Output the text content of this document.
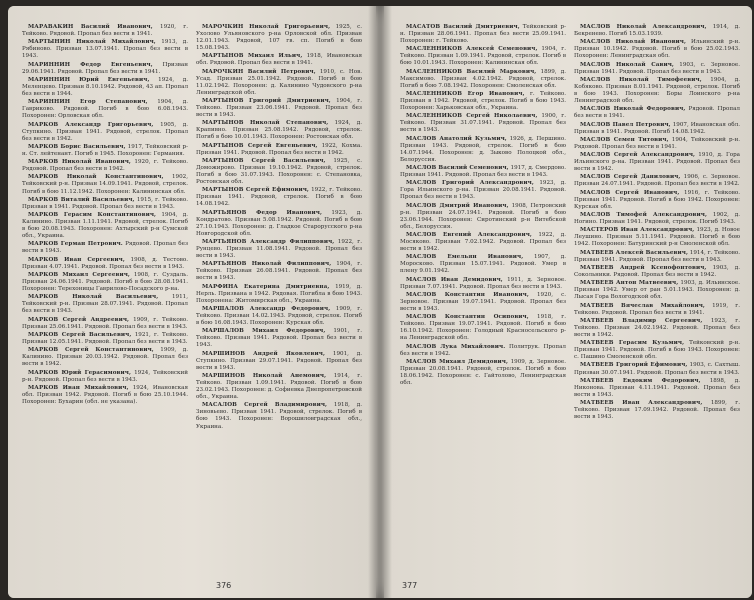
МАРАВАКИН Василий Иванович, 1920, г. Тейково. Рядовой. Пропал без вести в 1941.

МАРТЫНИН Николай Михайлович, 1913, д. Рябиново. Призван 13.07.1941. Пропал без вести в 1943.

МАРИННИН Федор Евгеньевич, Призван 29.06.1941. Рядовой. Пропал без вести в 1941.

МАРИННИН Юрий Евгеньевич, 1924, д. Меленцево. Призван 8.10.1942. Рядовой, 43 ап. Пропал без вести в 1944.

МАРИННИН Егор Степанович, 1904, д. Гавриково. Рядовой. Погиб в бою 6.08.1943. Похоронен: Орловская обл.

МАРКОВ Александр Григорьевич, 1905, д. Ступкино. Призван 1941. Рядовой, стрелок. Пропал без вести в 1942.

МАРКОВ Борис Васильевич, 1917, Тейковский р-н. Ст. лейтенант. Погиб в 1945. Похоронен: Германия.

МАРКОВ Николай Иванович, 1920, г. Тейково. Рядовой. Пропал без вести в 1942.

МАРКОВ Николай Константинович, 1902, Тейковский р-н. Призван 14.09.1941. Рядовой, стрелок. Погиб в бою 11.12.1942. Похоронен: Калининская обл.

МАРКОВ Виталий Васильевич, 1915, г. Тейково. Призван в 1941. Рядовой. Пропал без вести в 1943.

МАРКОВ Герасим Константинович, 1904, д. Калинино. Призван 1.11.1941. Рядовой, стрелок. Погиб в бою 20.08.1943. Похоронен: Ахтырский р-н Сумской обл., Украина.

МАРКОВ Герман Петрович. Рядовой. Пропал без вести в 1943.

МАРКОВ Иван Сергеевич, 1908, д. Тестово. Призван 4.07.1941. Рядовой. Пропал без вести в 1943.

МАРКОВ Михаил Сергеевич, 1908, г. Суздаль. Призван 24.06.1941. Рядовой. Погиб в бою 28.08.1941. Похоронен: Терехоницы Гаврилово-Посадского р-на.

МАРКОВ Николай Васильевич, 1911, Тейковский р-н. Призван 28.07.1941. Рядовой. Пропал без вести в 1943.

МАРКОВ Сергей Андреевич, 1909, г. Тейково. Призван 25.06.1941. Рядовой. Пропал без вести в 1943.

МАРКОВ Сергей Васильевич, 1921, г. Тейково. Призван 12.05.1941. Рядовой. Пропал без вести в 1943.

МАРКОВ Сергей Константинович, 1909, д. Калинино. Призван 20.03.1942. Рядовой. Пропал без вести в 1942.

МАРКОВ Юрий Герасимович, 1924, Тейковский р-н. Рядовой. Пропал без вести в 1943.

МАРКОВ Иван Михайлович, 1924, Ивановская обл. Призван 1942. Рядовой. Погиб в бою 25.10.1944. Похоронен: Бухарин (обл. не указана).

МАРОЧКИН Николай Григорьевич, 1925, с. Ухолово Ульяновского р-на Орловской обл. Призван 12.01.1943. Рядовой, 107 гв. сп. Погиб в бою 15.08.1943.

МАРТЫНОВ Михаил Ильич, 1918, Ивановская обл. Рядовой. Пропал без вести в 1941.

МАРОЧКИН Василий Петрович, 1910, с. Нов. Усад. Призван 25.01.1942. Рядовой. Погиб в бою 11.02.1942. Похоронен: д. Калинино Чудовского р-на Ленинградской обл.

МАРТЫНОВ Григорий Дмитриевич, 1904, г. Тейково. Призван 23.06.1941. Рядовой. Пропал без вести в 1943.

МАРТЫНОВ Николай Степанович, 1924, д. Крапивно. Призван 25.08.1942. Рядовой, стрелок. Погиб в бою 10.01.1943. Похоронен: Ростовская обл.

МАРТЫНОВ Сергей Евгеньевич, 1922, Кохма. Призван 1941. Рядовой. Пропал без вести в 1942.

МАРТЫНОВ Сергей Васильевич, 1925, с. Доможирово. Призван 19.10.1942. Рядовой, стрелок. Погиб в бою 31.07.1943. Похоронен: с. Степановка, Ростовская обл.

МАРТЫНОВ Сергей Ефимович, 1922, г. Тейково. Призван 1941. Рядовой, стрелок. Погиб в бою 14.08.1942.

МАРТЬЯНОВ Федор Иванович, 1923, д. Кондратово. Призван 5.08.1942. Рядовой. Погиб в бою 27.10.1943. Похоронен: д. Гладкое Старорусского р-на Новгородской обл.

МАРТЬЯНОВ Александр Филиппович, 1922, г. Рунцево. Призван 11.08.1941. Рядовой. Пропал без вести в 1943.

МАРТЬЯНОВ Николай Филиппович, 1904, г. Тейково. Призван 26.08.1941. Рядовой. Пропал без вести в 1943.

МАРФИНА Екатерина Дмитриевна, 1919, д. Нерль. Призвана в 1942. Рядовая. Погибла в бою 1943. Похоронена: Житомирская обл., Украина.

МАРШАЛОВ Александр Федорович, 1909, г. Тейково. Призван 14.02.1943. Рядовой, стрелок. Погиб в бою 16.08.1943. Похоронен: Курская обл.

МАРШАЛОВ Михаил Федорович, 1901, г. Тейково. Призван 1941. Рядовой. Пропал без вести в 1943.

МАРШИНОВ Андрей Яковлевич, 1901, д. Ступкино. Призван 29.07.1941. Рядовой. Пропал без вести в 1943.

МАРШИНОВ Николай Анемович, 1914, г. Тейково. Призван 1.09.1941. Рядовой. Погиб в бою 23.02.1943. Похоронен: д. Софиевка Днепропетровской обл., Украина.

МАСАЛОВ Сергей Владимирович, 1918, д. Зиновьево. Призван 1941. Рядовой, стрелок. Погиб в бою 1943. Похоронен: Ворошиловградская обл., Украина.

376

МАСАТОВ Василий Дмитриевич, Тейковский р-н. Призван 28.06.1941. Пропал без вести 25.09.1941. Похоронен: г. Тейково.

МАСЛЕННИКОВ Алексей Семенович, 1904, г. Тейково. Призван 1.09.1941. Рядовой, стрелок. Погиб в бою 10.01.1943. Похоронен: Калининская обл.

МАСЛЕННИКОВ Василий Маркович, 1899, д. Максимово. Призван 4.02.1942. Рядовой, стрелок. Погиб в бою 7.08.1942. Похоронен: Смоленская обл.

МАСЛЕННИКОВ Егор Иванович, г. Тейково. Призван в 1942. Рядовой, стрелок. Погиб в бою 1943. Похоронен: Харьковская обл., Украина.

МАСЛЕННИКОВ Сергей Николаевич, 1900, г. Тейково. Призван 31.07.1941. Рядовой. Пропал без вести в 1943.

МАСЛОВ Анатолий Кузьмич, 1926, д. Першино. Призван 1943. Рядовой, стрелок. Погиб в бою 14.07.1944. Похоронен: д. Зыково Полоцкой обл., Белоруссия.

МАСЛОВ Василий Семенович, 1917, д. Смердово. Призван 1941. Рядовой. Пропал без вести в 1943.

МАСЛОВ Григорий Александрович, 1923, д. Гора Ильинского р-на. Призван 20.08.1941. Рядовой. Пропал без вести в 1943.

МАСЛОВ Дмитрий Иванович, 1908, Петровский р-н. Призван 24.07.1941. Рядовой. Погиб в бою 23.06.1944. Похоронен: Сиротинский р-н Витебской обл., Белоруссия.

МАСЛОВ Евгений Александрович, 1922, д. Мосяково. Призван 7.02.1942. Рядовой. Пропал без вести в 1942.

МАСЛОВ Емельян Иванович, 1907, д. Моросково. Призван 15.07.1941. Рядовой. Умер в плену 9.01.1942.

МАСЛОВ Иван Демидович, 1911, д. Зерновое. Призван 7.07.1941. Рядовой. Пропал без вести в 1943.

МАСЛОВ Константин Иванович, 1920, с. Зерновое. Призван 19.07.1941. Рядовой. Пропал без вести в 1943.

МАСЛОВ Константин Осипович, 1918, г. Тейково. Призван 19.07.1941. Рядовой. Погиб в бою 16.10.1942. Похоронен: Голодный Красносельского р-на Ленинградской обл.

МАСЛОВ Лука Михайлович. Политрук. Пропал без вести в 1942.

МАСЛОВ Михаил Демидович, 1909, д. Зерновое. Призван 20.08.1941. Рядовой, стрелок. Погиб в бою 18.06.1942. Похоронен: с. Гайтолово, Ленинградская обл.

МАСЛОВ Николай Александрович, 1914, д. Бекренево. Погиб 15.03.1939.

МАСЛОВ Николай Иванович, Ильинский р-н. Призван 10.1942. Рядовой. Погиб в бою 25.02.1943. Похоронен: Ленинградская обл.

МАСЛОВ Николай Савич, 1903, с. Зерновое. Призван 1941. Рядовой. Пропал без вести в 1943.

МАСЛОВ Николай Тимофеевич, 1904, д. Кобяково. Призван 8.01.1941. Рядовой, стрелок. Погиб в бою 1943. Похоронен: Боры Лоинского р-на Ленинградской обл.

МАСЛОВ Николай Федорович, Рядовой. Пропал без вести в 1941.

МАСЛОВ Павел Петрович, 1907, Ивановская обл. Призван в 1941. Рядовой. Погиб 14.08.1942.

МАСЛОВ Семен Титович, 1904, Тейковский р-н. Рядовой. Пропал без вести в 1941.

МАСЛОВ Сергей Александрович, 1910, д. Гора Ильинского р-на. Призван 1941. Рядовой. Пропал без вести в 1942.

МАСЛОВ Сергей Данилович, 1906, с. Зерновое. Призван 24.07.1941. Рядовой. Пропал без вести в 1942.

МАСЛОВ Сергей Иванович, 1916, г. Тейково. Призван 1941. Рядовой. Погиб в бою 1942. Похоронен: Курская обл.

МАСЛОВ Тимофей Александрович, 1902, д. Ногино. Призван 1941. Рядовой, стрелок. Погиб 1943.

МАСТЕРОВ Иван Александрович, 1923, д. Новое Леушино. Призван 5.11.1941. Рядовой. Погиб в бою 1942. Похоронен: Батуринский р-н Смоленской обл.

МАТВЕЕВ Алексей Васильевич, 1914, г. Тейково. Призван 1941. Рядовой. Пропал без вести в 1943.

МАТВЕЕВ Андрей Ксенофонтович, 1903, д. Сокольники. Рядовой. Пропал без вести в 1942.

МАТВЕЕВ Антон Матвеевич, 1903, д. Ильинское. Призван 1942. Умер от ран 5.01.1943. Похоронен: д. Лысая Гора Вологодской обл.

МАТВЕЕВ Вячеслав Михайлович, 1919, г. Тейково. Рядовой. Пропал без вести в 1941.

МАТВЕЕВ Владимир Сергеевич, 1923, г. Тейково. Призван 24.02.1942. Рядовой. Пропал без вести в 1942.

МАТВЕЕВ Герасим Кузьмич, Тейковский р-н. Призван 1941. Рядовой. Погиб в бою 1943. Похоронен: с. Пашино Смоленской обл.

МАТВЕЕВ Григорий Ефимович, 1903, с. Сахтыш. Призван 30.07.1941. Рядовой. Пропал без вести в 1943.

МАТВЕЕВ Евдоким Федорович, 1898, д. Никонова. Призван 4.11.1941. Рядовой. Пропал без вести в 1943.

МАТВЕЕВ Иван Александрович, 1899, г. Тейково. Призван 17.09.1942. Рядовой. Пропал без вести в 1943.

377
